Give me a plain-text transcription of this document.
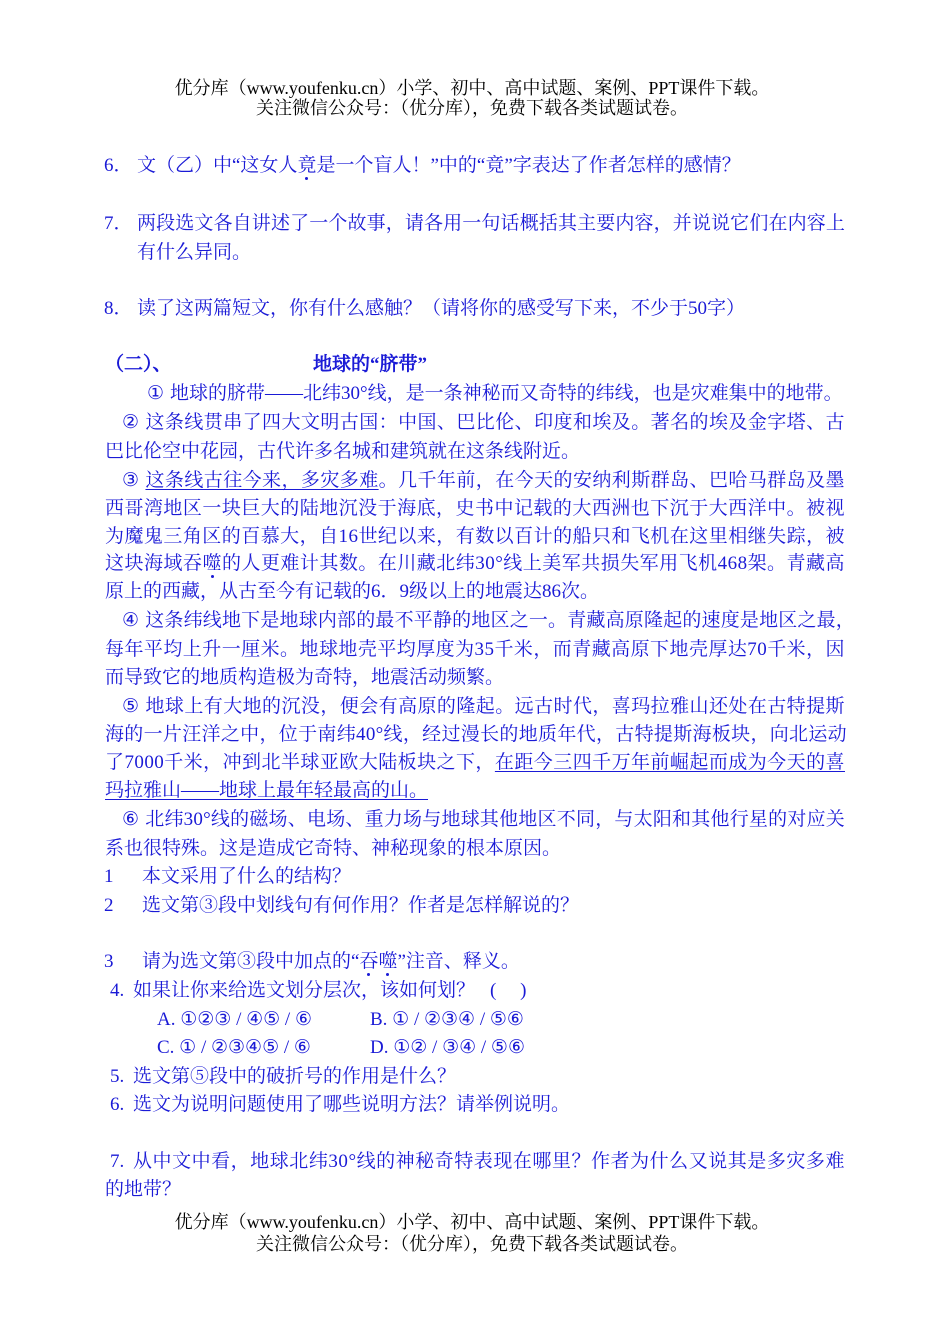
优分库（www.youfenku.cn）小学、初中、高中试题、案例、PPT课件下载。
关注微信公众号：（优分库），免费下载各类试题试卷。
6． 文（乙）中“这女人竟是一个盲人！”中的“竟”字表达了作者怎样的感情？
7． 两段选文各自讲述了一个故事，请各用一句话概括其主要内容，并说说它们在内容上
有什么异同。
8． 读了这两篇短文，你有什么感触？（请将你的感受写下来，不少于50字）
（二）、	地球的“脐带”
① 地球的脐带——北纬30°线，是一条神秘而又奇特的纬线，也是灾难集中的地带。
② 这条线贯串了四大文明古国：中国、巴比伦、印度和埃及。著名的埃及金字塔、古
巴比伦空中花园，古代许多名城和建筑就在这条线附近。
③ 这条线古往今来，多灾多难。几千年前，在今天的安纳利斯群岛、巴哈马群岛及墨
西哥湾地区一块巨大的陆地沉没于海底，史书中记载的大西洲也下沉于大西洋中。被视
为魔鬼三角区的百慕大，自16世纪以来，有数以百计的船只和飞机在这里相继失踪，被
这块海域吞噬的人更难计其数。在川藏北纬30°线上美军共损失军用飞机468架。青藏高
原上的西藏，从古至今有记载的6．9级以上的地震达86次。
④ 这条纬线地下是地球内部的最不平静的地区之一。青藏高原隆起的速度是地区之最，
每年平均上升一厘米。地球地壳平均厚度为35千米，而青藏高原下地壳厚达70千米，因
而导致它的地质构造极为奇特，地震活动频繁。
⑤ 地球上有大地的沉没，便会有高原的隆起。远古时代，喜玛拉雅山还处在古特提斯
海的一片汪洋之中，位于南纬40°线，经过漫长的地质年代，古特提斯海板块，向北运动
了7000千米，冲到北半球亚欧大陆板块之下，在距今三四千万年前崛起而成为今天的喜
玛拉雅山——地球上最年轻最高的山。
⑥ 北纬30°线的磁场、电场、重力场与地球其他地区不同，与太阳和其他行星的对应关
系也很特殊。这是造成它奇特、神秘现象的根本原因。
1 本文采用了什么的结构？
2 选文第③段中划线句有何作用？作者是怎样解说的？
3 请为选文第③段中加点的“吞噬”注音、释义。
4. 如果让你来给选文划分层次，该如何划？ (     )
A. ①②③ / ④⑤ / ⑥	B. ① / ②③④ / ⑤⑥
C. ① / ②③④⑤ / ⑥	D. ①② / ③④ / ⑤⑥
5. 选文第⑤段中的破折号的作用是什么？
6. 选文为说明问题使用了哪些说明方法？请举例说明。
7. 从中文中看，地球北纬30°线的神秘奇特表现在哪里？作者为什么又说其是多灾多难
的地带？
优分库（www.youfenku.cn）小学、初中、高中试题、案例、PPT课件下载。
关注微信公众号：（优分库），免费下载各类试题试卷。
